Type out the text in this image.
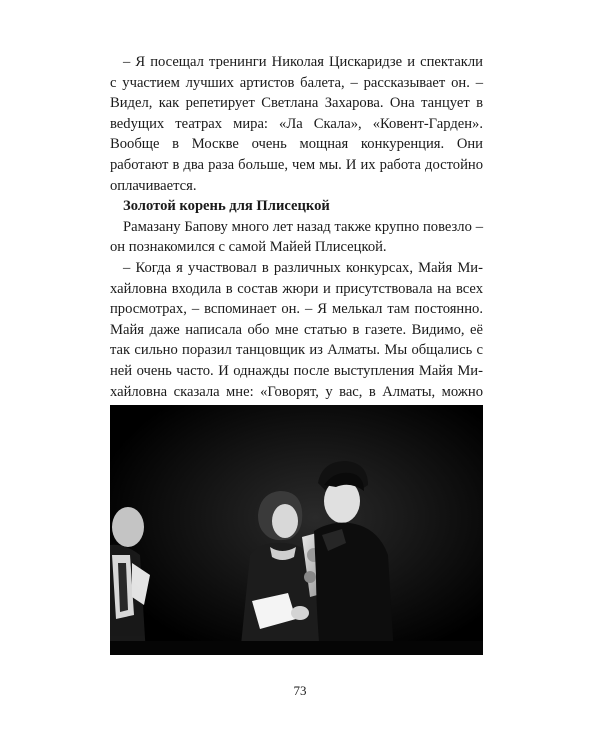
– Я посещал тренинги Николая Цискаридзе и спектакли с участием лучших артистов балета, – рассказывает он. – Видел, как репетирует Светлана Захарова. Она танцует в веdущих театрах мира: «Ла Скала», «Ковент-Гарден». Вообще в Москве очень мощная конкуренция. Они работают в два раза больше, чем мы. И их работа достойно оплачивается.

Золотой корень для Плисецкой

Рамазану Бапову много лет назад также крупно повезло – он познакомился с самой Майей Плисецкой.

– Когда я участвовал в различных конкурсах, Майя Михайловна входила в состав жюри и присутствовала на всех просмотрах, – вспоминает он. – Я мелькал там постоянно. Майя даже написала обо мне статью в газете. Видимо, её так сильно поразил танцовщик из Алматы. Мы общались с ней очень часто. И однажды после выступления Майя Михайловна сказала мне: «Говорят, у вас, в Алматы, можно

73
